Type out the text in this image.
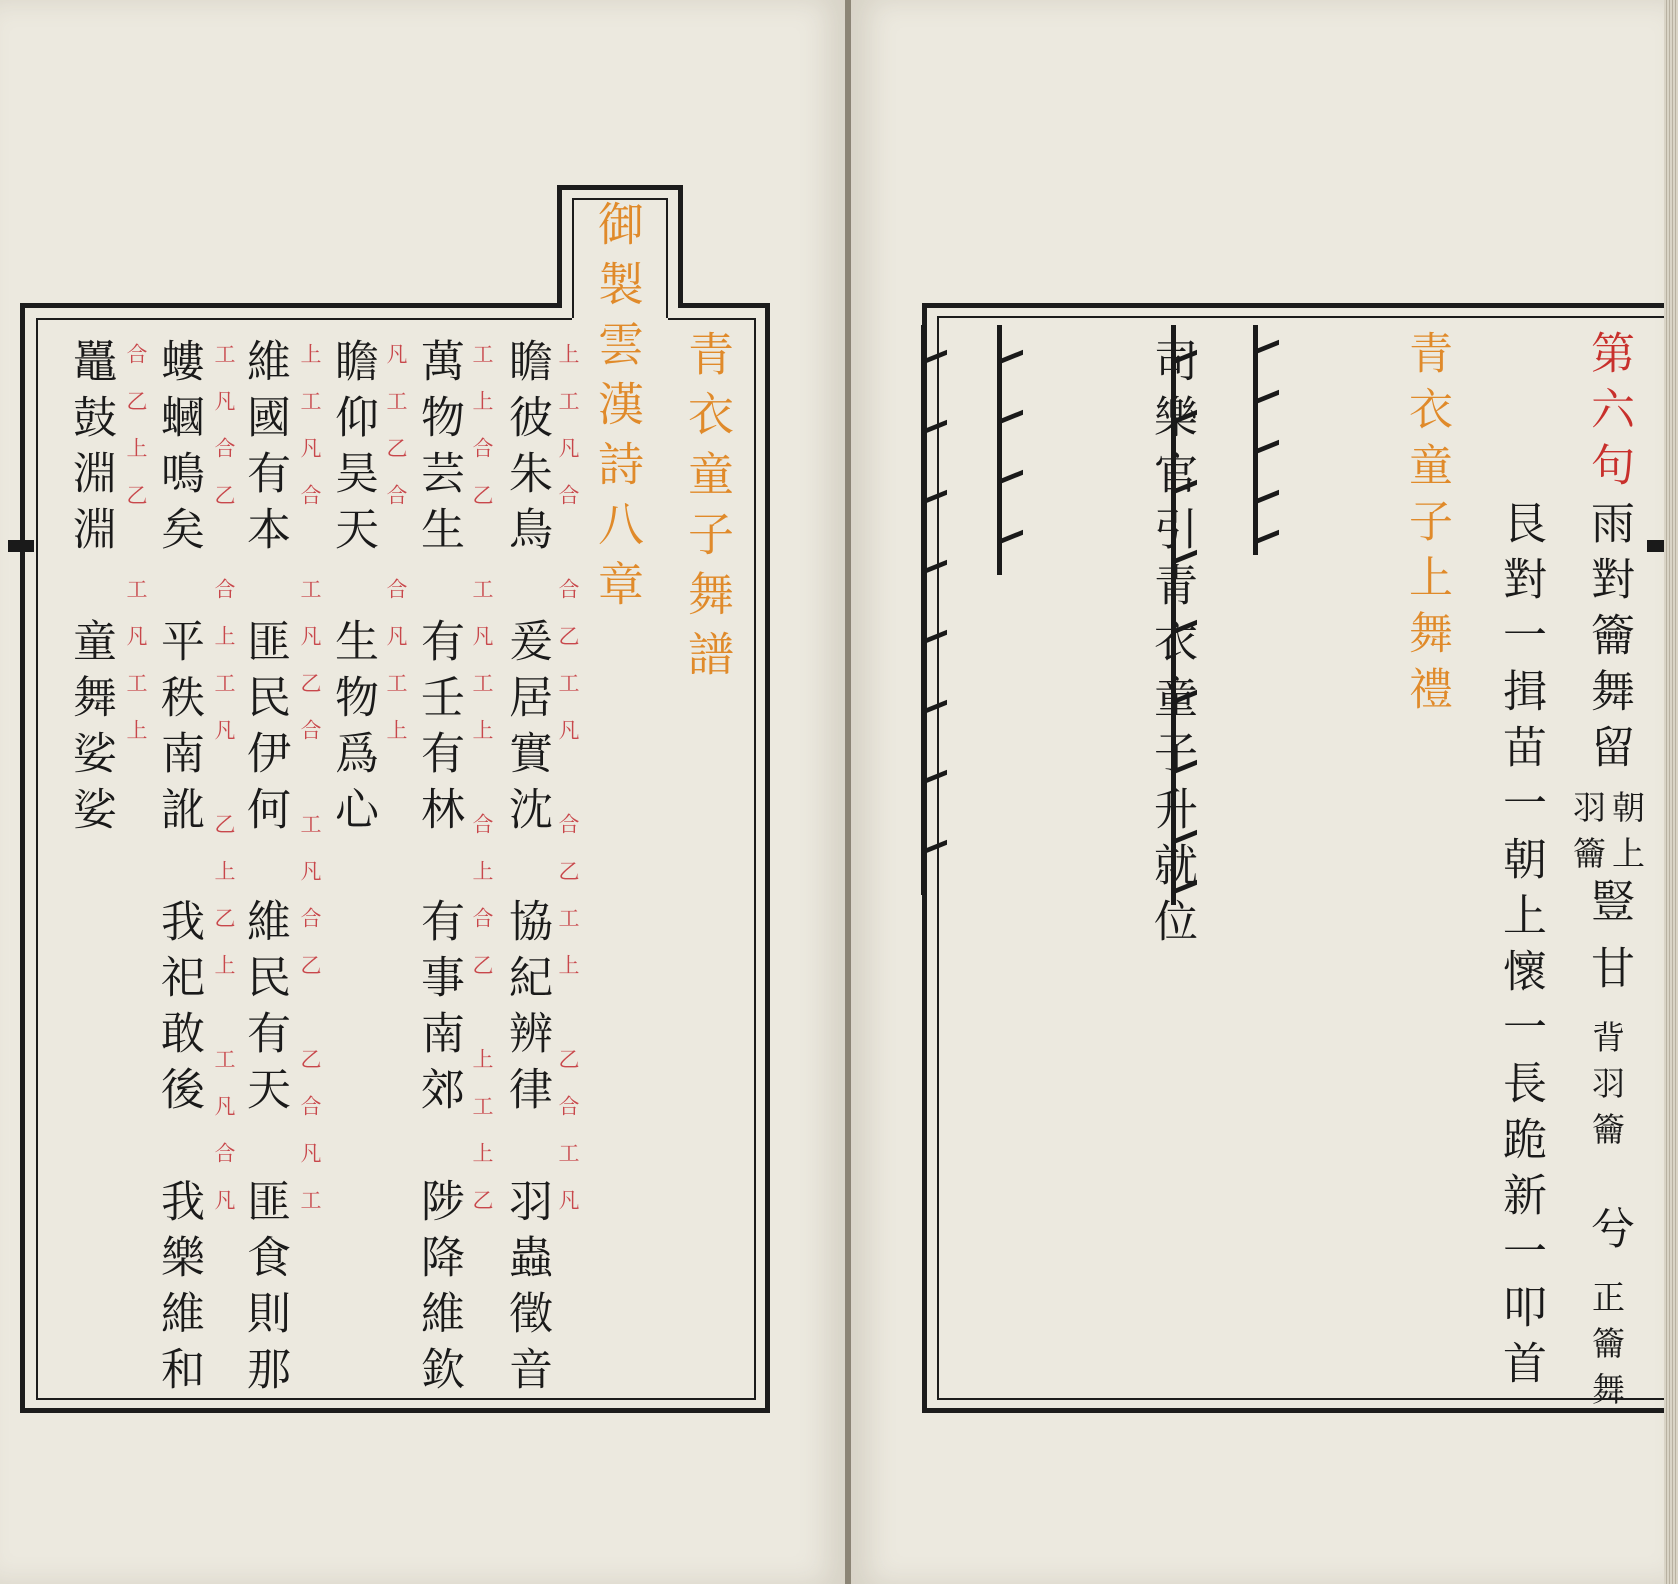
御製雲漢詩八章 青衣童子舞譜
瞻彼朱鳥　爰居實沈　協紀辨律　羽蟲徵音 上工凡合　合乙工凡　合乙工上　乙合工凡
萬物芸生　有壬有林　有事南郊　陟降維欽 工上合乙　工凡工上　合上合乙　上工上乙
瞻仰昊天　生物爲心 凡工乙合　合凡工上
維國有本　匪民伊何　維民有天　匪食則那 上工凡合　工凡乙合　工凡合乙　乙合凡工
螻蟈鳴矣　平秩南訛　我祀敢後　我樂維和 工凡合乙　合上工凡　乙上乙上　工凡合凡
鼉鼓淵淵　童舞娑娑 合乙上乙　工凡工上	第六句
雨對籥舞留
朝上
羽籥
豎
甘
背羽籥
兮
正籥舞
艮對一揖苗一朝上懷一長跪新一叩首
青衣童子上舞禮
司樂官引青衣童子升就位
